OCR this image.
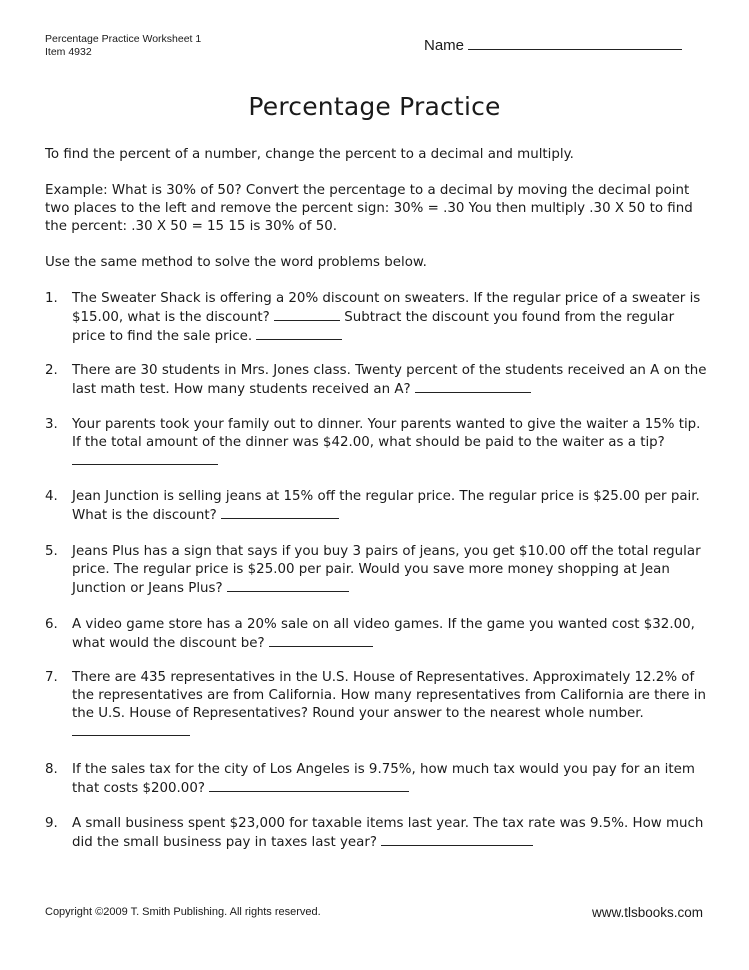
Percentage Practice Worksheet 1
Item 4932	Name
Percentage Practice

To find the percent of a number, change the percent to a decimal and multiply.

Example: What is 30% of 50? Convert the percentage to a decimal by moving the decimal point two places to the left and remove the percent sign: 30% = .30 You then multiply .30 X 50 to find the percent: .30 X 50 = 15 15 is 30% of 50.

Use the same method to solve the word problems below.

1.	The Sweater Shack is offering a 20% discount on sweaters. If the regular price of a sweater is $15.00, what is the discount?	Subtract the discount you found from the regular price to find the sale price.
2.	There are 30 students in Mrs. Jones class. Twenty percent of the students received an A on the last math test. How many students received an A?
3.	Your parents took your family out to dinner. Your parents wanted to give the waiter a 15% tip. If the total amount of the dinner was $42.00, what should be paid to the waiter as a tip?
4.	Jean Junction is selling jeans at 15% off the regular price. The regular price is $25.00 per pair. What is the discount?
5.	Jeans Plus has a sign that says if you buy 3 pairs of jeans, you get $10.00 off the total regular price. The regular price is $25.00 per pair. Would you save more money shopping at Jean Junction or Jeans Plus?
6.	A video game store has a 20% sale on all video games. If the game you wanted cost $32.00, what would the discount be?
7.	There are 435 representatives in the U.S. House of Representatives. Approximately 12.2% of the representatives are from California. How many representatives from California are there in the U.S. House of Representatives? Round your answer to the nearest whole number.
8.	If the sales tax for the city of Los Angeles is 9.75%, how much tax would you pay for an item that costs $200.00?
9.	A small business spent $23,000 for taxable items last year. The tax rate was 9.5%. How much did the small business pay in taxes last year?
Copyright ©2009 T. Smith Publishing. All rights reserved.	www.tlsbooks.com
